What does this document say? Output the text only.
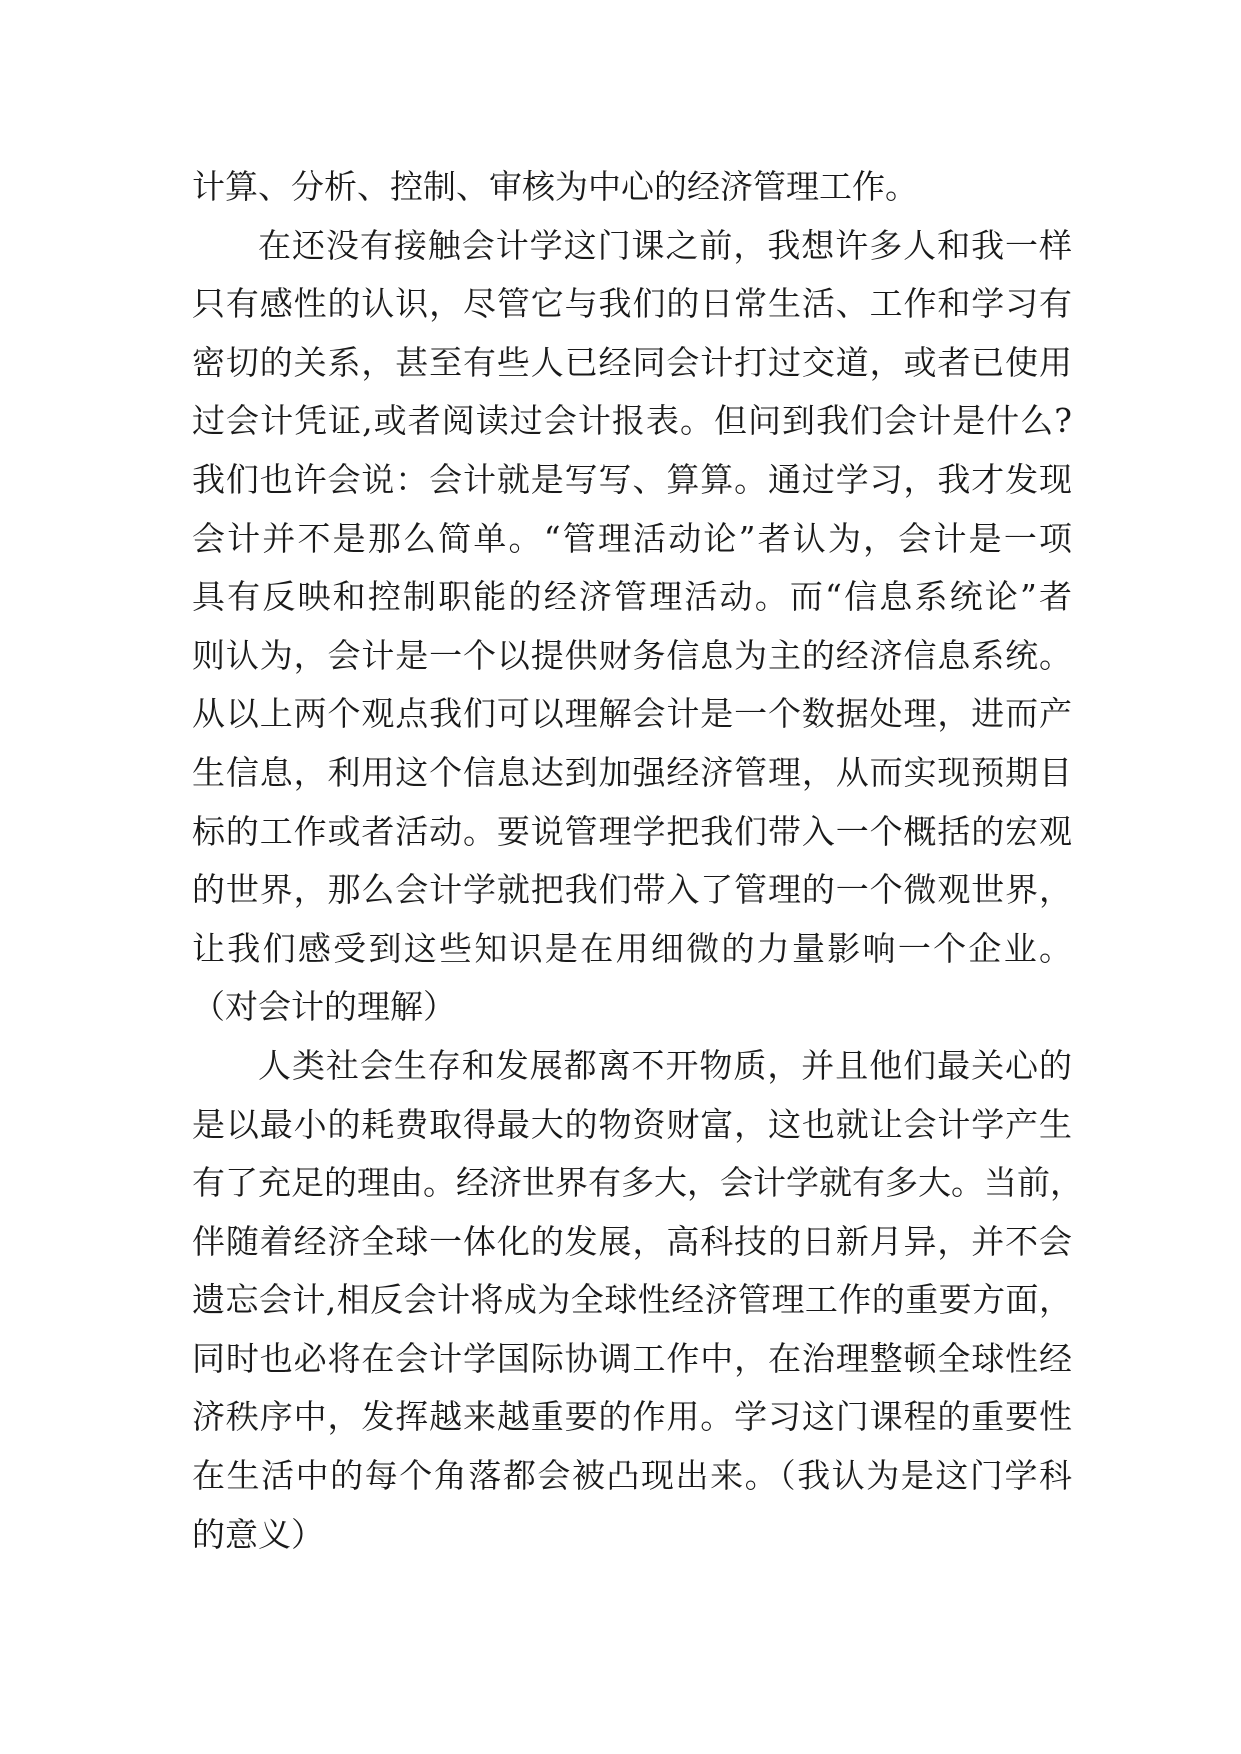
计算、分析、控制、审核为中心的经济管理工作。
在还没有接触会计学这门课之前，我想许多人和我一样
只有感性的认识，尽管它与我们的日常生活、工作和学习有
密切的关系，甚至有些人已经同会计打过交道，或者已使用
过会计凭证,或者阅读过会计报表。但问到我们会计是什么?
我们也许会说：会计就是写写、算算。通过学习，我才发现
会计并不是那么简单。“管理活动论”者认为，会计是一项
具有反映和控制职能的经济管理活动。而“信息系统论”者
则认为，会计是一个以提供财务信息为主的经济信息系统。
从以上两个观点我们可以理解会计是一个数据处理，进而产
生信息，利用这个信息达到加强经济管理，从而实现预期目
标的工作或者活动。要说管理学把我们带入一个概括的宏观
的世界，那么会计学就把我们带入了管理的一个微观世界，
让我们感受到这些知识是在用细微的力量影响一个企业。
（对会计的理解）
人类社会生存和发展都离不开物质，并且他们最关心的
是以最小的耗费取得最大的物资财富，这也就让会计学产生
有了充足的理由。经济世界有多大，会计学就有多大。当前，
伴随着经济全球一体化的发展，高科技的日新月异，并不会
遗忘会计,相反会计将成为全球性经济管理工作的重要方面，
同时也必将在会计学国际协调工作中，在治理整顿全球性经
济秩序中，发挥越来越重要的作用。学习这门课程的重要性
在生活中的每个角落都会被凸现出来。（我认为是这门学科
的意义）
